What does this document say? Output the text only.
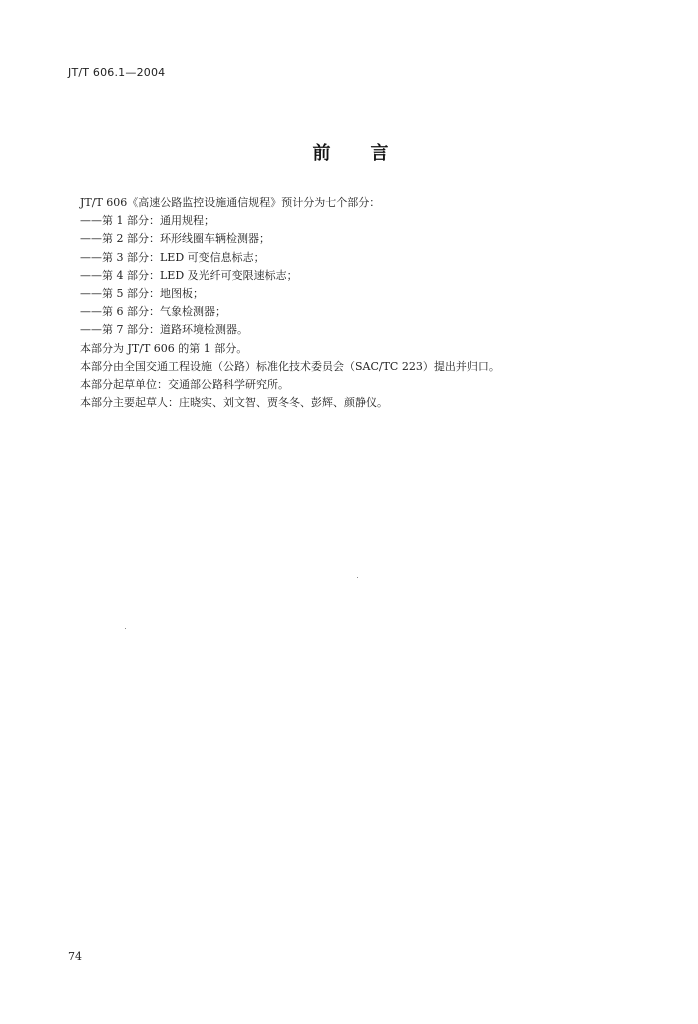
JT/T 606.1—2004
前 言

JT/T 606《高速公路监控设施通信规程》预计分为七个部分：

——第 1 部分：通用规程；

——第 2 部分：环形线圈车辆检测器；

——第 3 部分：LED 可变信息标志；

——第 4 部分：LED 及光纤可变限速标志；

——第 5 部分：地图板；

——第 6 部分：气象检测器；

——第 7 部分：道路环境检测器。

本部分为 JT/T 606 的第 1 部分。

本部分由全国交通工程设施（公路）标准化技术委员会（SAC/TC 223）提出并归口。

本部分起草单位：交通部公路科学研究所。

本部分主要起草人：庄晓实、刘文智、贾冬冬、彭辉、颜静仪。

74
